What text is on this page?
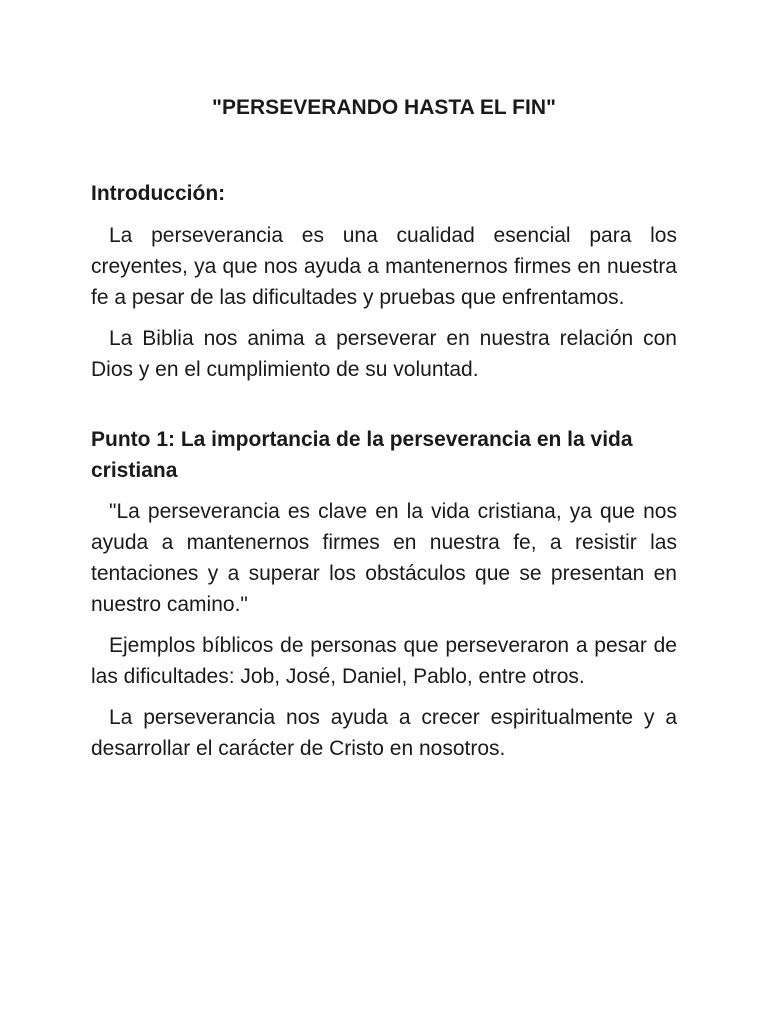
"PERSEVERANDO HASTA EL FIN"
Introducción:

La perseverancia es una cualidad esencial para los creyentes, ya que nos ayuda a mantenernos firmes en nuestra fe a pesar de las dificultades y pruebas que enfrentamos.

La Biblia nos anima a perseverar en nuestra relación con Dios y en el cumplimiento de su voluntad.

Punto 1: La importancia de la perseverancia en la vida cristiana

"La perseverancia es clave en la vida cristiana, ya que nos ayuda a mantenernos firmes en nuestra fe, a resistir las tentaciones y a superar los obstáculos que se presentan en nuestro camino."

Ejemplos bíblicos de personas que perseveraron a pesar de las dificultades: Job, José, Daniel, Pablo, entre otros.

La perseverancia nos ayuda a crecer espiritualmente y a desarrollar el carácter de Cristo en nosotros.
